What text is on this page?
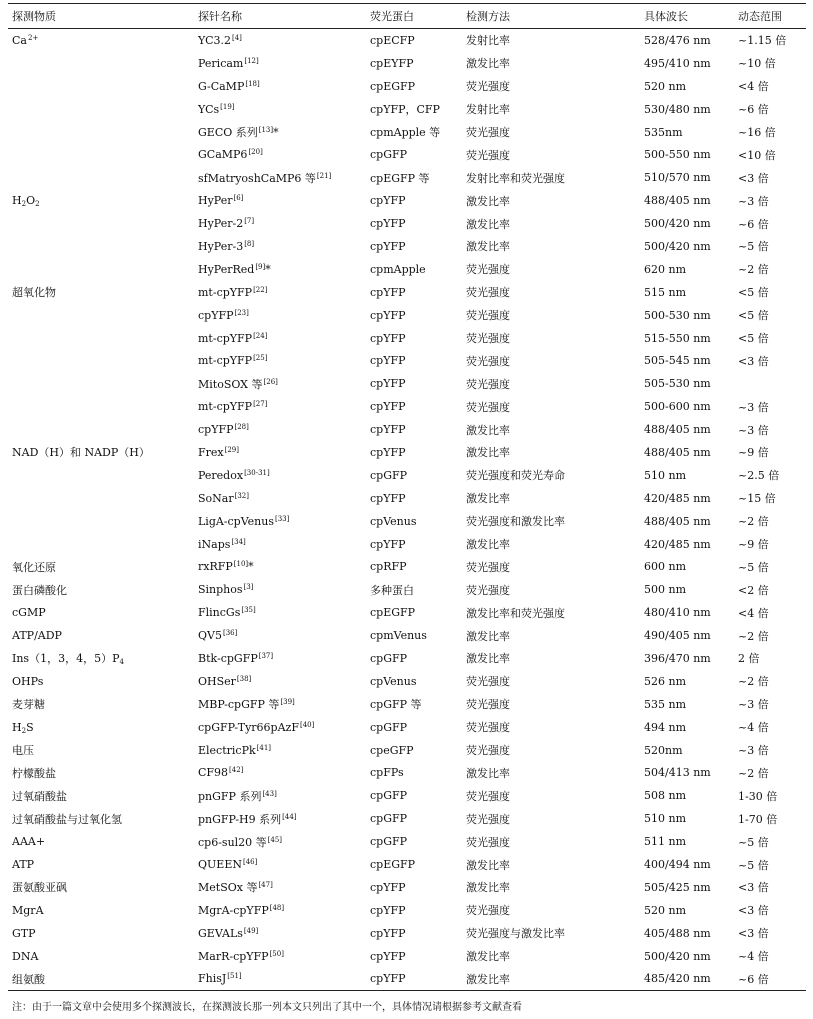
探测物质	探针名称	荧光蛋白	检测方法	具体波长	动态范围
$Ca^{2+}$	YC3.2[4]	cpECFP	发射比率	528/476 nm	~1.15 倍
	Pericam[12]	cpEYFP	激发比率	495/410 nm	~10 倍
	G-CaMP[18]	cpEGFP	荧光强度	520 nm	<4 倍
	YCs[19]	cpYFP，CFP	发射比率	530/480 nm	~6 倍
	GECO 系列[13]*	cpmApple 等	荧光强度	535nm	~16 倍
	GCaMP6[20]	cpGFP	荧光强度	500-550 nm	<10 倍
	sfMatryoshCaMP6 等[21]	cpEGFP 等	发射比率和荧光强度	510/570 nm	<3 倍
$H_2O_2$	HyPer[6]	cpYFP	激发比率	488/405 nm	~3 倍
	HyPer-2[7]	cpYFP	激发比率	500/420 nm	~6 倍
	HyPer-3[8]	cpYFP	激发比率	500/420 nm	~5 倍
	HyPerRed[9]*	cpmApple	荧光强度	620 nm	~2 倍
超氧化物	mt-cpYFP[22]	cpYFP	荧光强度	515 nm	<5 倍
	cpYFP[23]	cpYFP	荧光强度	500-530 nm	<5 倍
	mt-cpYFP[24]	cpYFP	荧光强度	515-550 nm	<5 倍
	mt-cpYFP[25]	cpYFP	荧光强度	505-545 nm	<3 倍
	MitoSOX 等[26]	cpYFP	荧光强度	505-530 nm	
	mt-cpYFP[27]	cpYFP	荧光强度	500-600 nm	~3 倍
	cpYFP[28]	cpYFP	激发比率	488/405 nm	~3 倍
NAD（H）和 NADP（H）	Frex[29]	cpYFP	激发比率	488/405 nm	~9 倍
	Peredox[30-31]	cpGFP	荧光强度和荧光寿命	510 nm	~2.5 倍
	SoNar[32]	cpYFP	激发比率	420/485 nm	~15 倍
	LigA-cpVenus[33]	cpVenus	荧光强度和激发比率	488/405 nm	~2 倍
	iNaps[34]	cpYFP	激发比率	420/485 nm	~9 倍
氧化还原	rxRFP[10]*	cpRFP	荧光强度	600 nm	~5 倍
蛋白磷酸化	Sinphos[3]	多种蛋白	荧光强度	500 nm	<2 倍
cGMP	FlincGs[35]	cpEGFP	激发比率和荧光强度	480/410 nm	<4 倍
ATP/ADP	QV5[36]	cpmVenus	激发比率	490/405 nm	~2 倍
Ins（1，3，4，$5)P_4$	Btk-cpGFP[37]	cpGFP	激发比率	396/470 nm	2 倍
OHPs	OHSer[38]	cpVenus	荧光强度	526 nm	~2 倍
麦芽糖	MBP-cpGFP 等[39]	cpGFP 等	荧光强度	535 nm	~3 倍
$H_2S$	cpGFP-Tyr66pAzF[40]	cpGFP	荧光强度	494 nm	~4 倍
电压	ElectricPk[41]	cpeGFP	荧光强度	520nm	~3 倍
柠檬酸盐	CF98[42]	cpFPs	激发比率	504/413 nm	~2 倍
过氧硝酸盐	pnGFP 系列[43]	cpGFP	荧光强度	508 nm	1-30 倍
过氧硝酸盐与过氧化氢	pnGFP-H9 系列[44]	cpGFP	荧光强度	510 nm	1-70 倍
AAA+	cp6-sul20 等[45]	cpGFP	荧光强度	511 nm	~5 倍
ATP	QUEEN[46]	cpEGFP	激发比率	400/494 nm	~5 倍
蛋氨酸亚砜	MetSOx 等[47]	cpYFP	激发比率	505/425 nm	<3 倍
MgrA	MgrA-cpYFP[48]	cpYFP	荧光强度	520 nm	<3 倍
GTP	GEVALs[49]	cpYFP	荧光强度与激发比率	405/488 nm	<3 倍
DNA	MarR-cpYFP[50]	cpYFP	激发比率	500/420 nm	~4 倍
组氨酸	FhisJ[51]	cpYFP	激发比率	485/420 nm	~6 倍
注：由于一篇文章中会使用多个探测波长，在探测波长那一列本文只列出了其中一个，具体情况请根据参考文献查看
